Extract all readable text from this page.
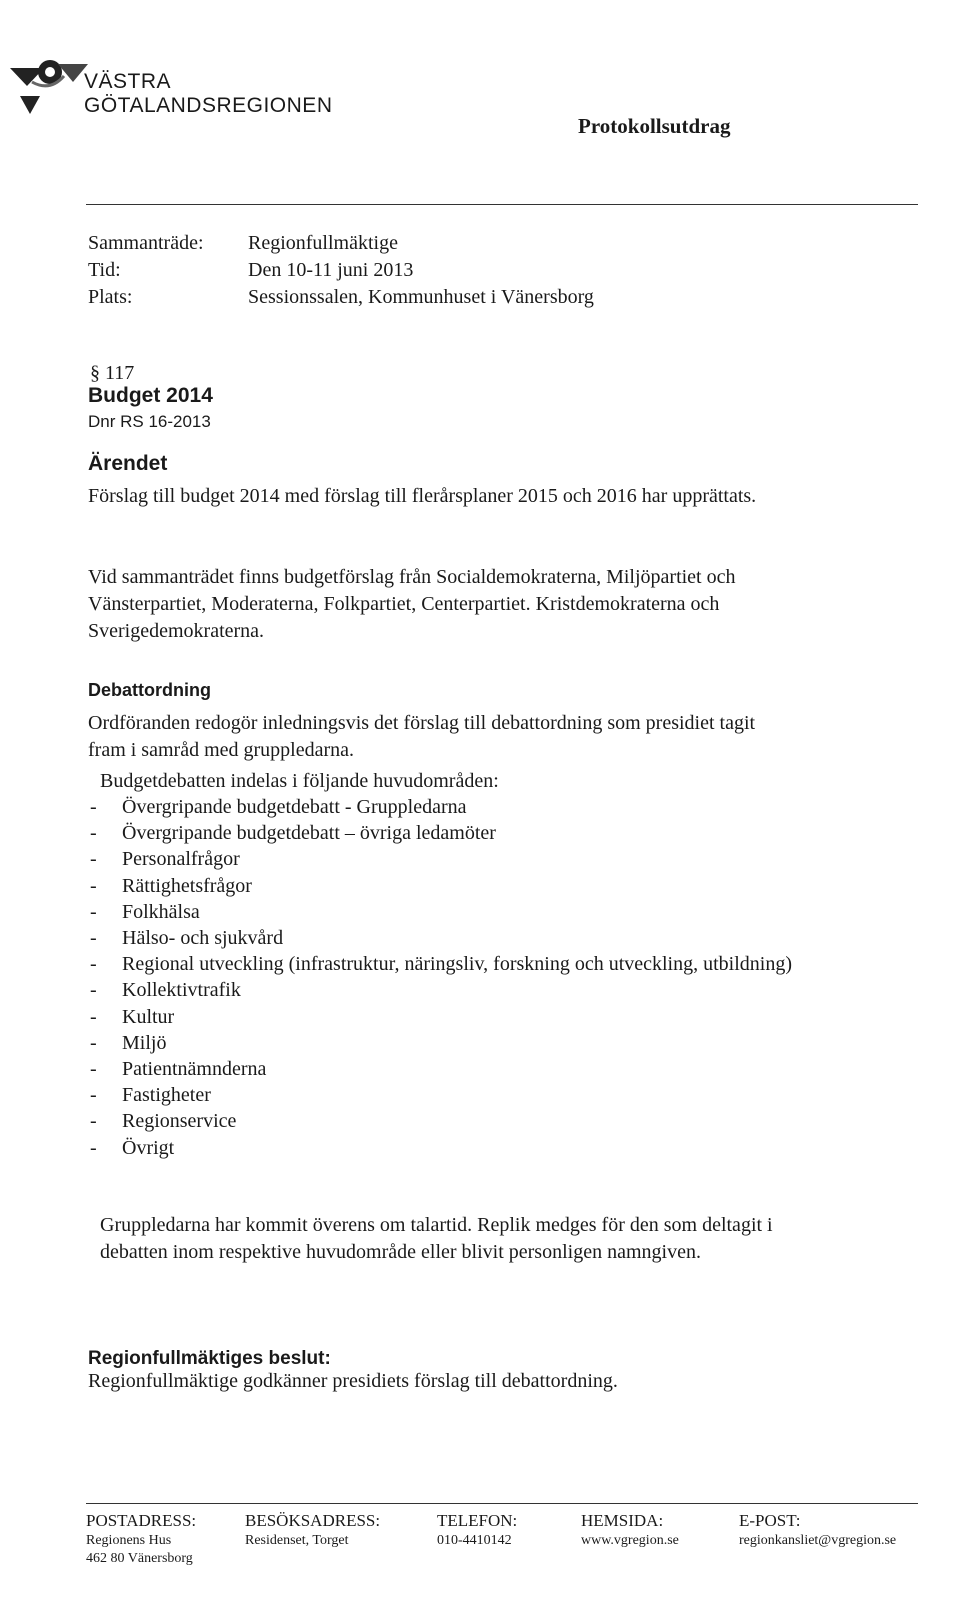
VÄSTRA
GÖTALANDSREGIONEN
Protokollsutdrag
Sammanträde:	Regionfullmäktige
Tid:	Den 10-11 juni 2013
Plats:	Sessionssalen, Kommunhuset i Vänersborg
§ 117
Budget 2014
Dnr RS 16-2013
Ärendet
Förslag till budget 2014 med förslag till flerårsplaner 2015 och 2016 har upprättats.
Vid sammanträdet finns budgetförslag från Socialdemokraterna, Miljöpartiet och Vänsterpartiet, Moderaterna, Folkpartiet, Centerpartiet. Kristdemokraterna och Sverigedemokraterna.
Debattordning
Ordföranden redogör inledningsvis det förslag till debattordning som presidiet tagit fram i samråd med gruppledarna.
Budgetdebatten indelas i följande huvudområden:
-	Övergripande budgetdebatt - Gruppledarna
-	Övergripande budgetdebatt – övriga ledamöter
-	Personalfrågor
-	Rättighetsfrågor
-	Folkhälsa
-	Hälso- och sjukvård
-	Regional utveckling (infrastruktur, näringsliv, forskning och utveckling, utbildning)
-	Kollektivtrafik
-	Kultur
-	Miljö
-	Patientnämnderna
-	Fastigheter
-	Regionservice
-	Övrigt
Gruppledarna har kommit överens om talartid. Replik medges för den som deltagit i debatten inom respektive huvudområde eller blivit personligen namngiven.
Regionfullmäktiges beslut:
Regionfullmäktige godkänner presidiets förslag till debattordning.
POSTADRESS:
Regionens Hus
462 80 Vänersborg
BESÖKSADRESS:
Residenset, Torget
TELEFON:
010-4410142
HEMSIDA:
www.vgregion.se
E-POST:
regionkansliet@vgregion.se
